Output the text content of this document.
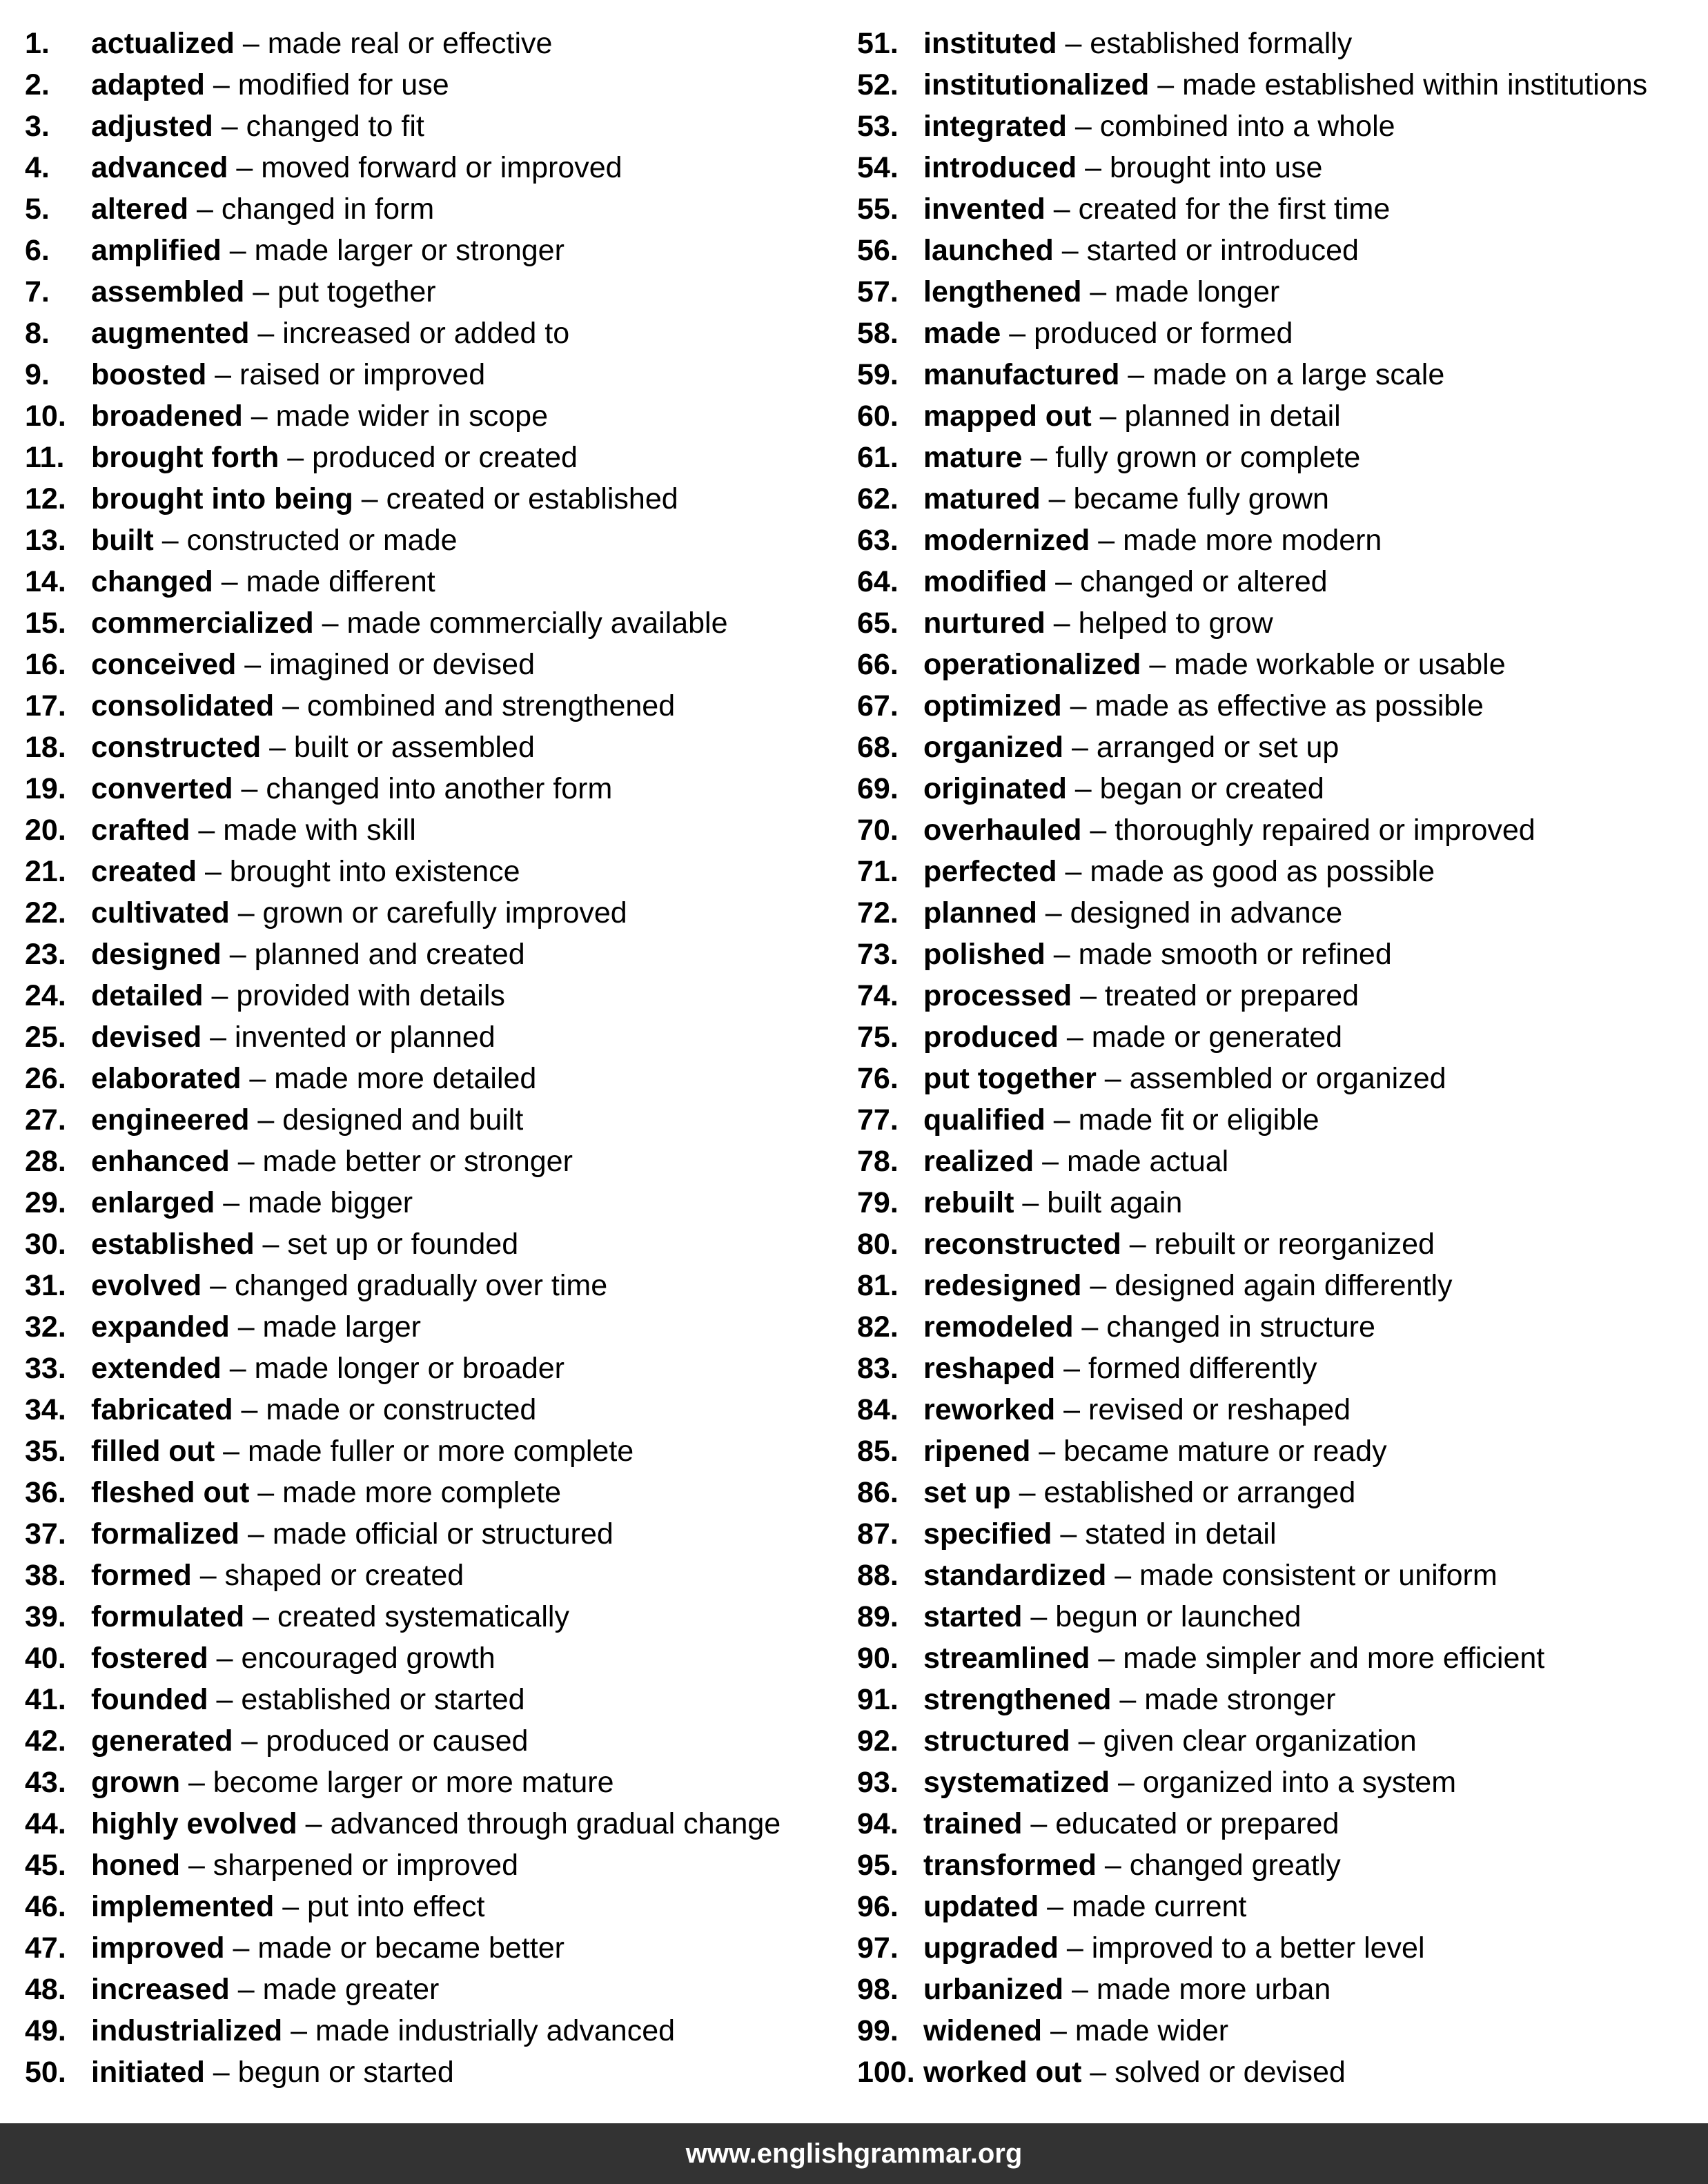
1. actualized – made real or effective
2. adapted – modified for use
3. adjusted – changed to fit
4. advanced – moved forward or improved
5. altered – changed in form
6. amplified – made larger or stronger
7. assembled – put together
8. augmented – increased or added to
9. boosted – raised or improved
10. broadened – made wider in scope
11. brought forth – produced or created
12. brought into being – created or established
13. built – constructed or made
14. changed – made different
15. commercialized – made commercially available
16. conceived – imagined or devised
17. consolidated – combined and strengthened
18. constructed – built or assembled
19. converted – changed into another form
20. crafted – made with skill
21. created – brought into existence
22. cultivated – grown or carefully improved
23. designed – planned and created
24. detailed – provided with details
25. devised – invented or planned
26. elaborated – made more detailed
27. engineered – designed and built
28. enhanced – made better or stronger
29. enlarged – made bigger
30. established – set up or founded
31. evolved – changed gradually over time
32. expanded – made larger
33. extended – made longer or broader
34. fabricated – made or constructed
35. filled out – made fuller or more complete
36. fleshed out – made more complete
37. formalized – made official or structured
38. formed – shaped or created
39. formulated – created systematically
40. fostered – encouraged growth
41. founded – established or started
42. generated – produced or caused
43. grown – become larger or more mature
44. highly evolved – advanced through gradual change
45. honed – sharpened or improved
46. implemented – put into effect
47. improved – made or became better
48. increased – made greater
49. industrialized – made industrially advanced
50. initiated – begun or started
51. instituted – established formally
52. institutionalized – made established within institutions
53. integrated – combined into a whole
54. introduced – brought into use
55. invented – created for the first time
56. launched – started or introduced
57. lengthened – made longer
58. made – produced or formed
59. manufactured – made on a large scale
60. mapped out – planned in detail
61. mature – fully grown or complete
62. matured – became fully grown
63. modernized – made more modern
64. modified – changed or altered
65. nurtured – helped to grow
66. operationalized – made workable or usable
67. optimized – made as effective as possible
68. organized – arranged or set up
69. originated – began or created
70. overhauled – thoroughly repaired or improved
71. perfected – made as good as possible
72. planned – designed in advance
73. polished – made smooth or refined
74. processed – treated or prepared
75. produced – made or generated
76. put together – assembled or organized
77. qualified – made fit or eligible
78. realized – made actual
79. rebuilt – built again
80. reconstructed – rebuilt or reorganized
81. redesigned – designed again differently
82. remodeled – changed in structure
83. reshaped – formed differently
84. reworked – revised or reshaped
85. ripened – became mature or ready
86. set up – established or arranged
87. specified – stated in detail
88. standardized – made consistent or uniform
89. started – begun or launched
90. streamlined – made simpler and more efficient
91. strengthened – made stronger
92. structured – given clear organization
93. systematized – organized into a system
94. trained – educated or prepared
95. transformed – changed greatly
96. updated – made current
97. upgraded – improved to a better level
98. urbanized – made more urban
99. widened – made wider
100. worked out – solved or devised
www.englishgrammar.org
